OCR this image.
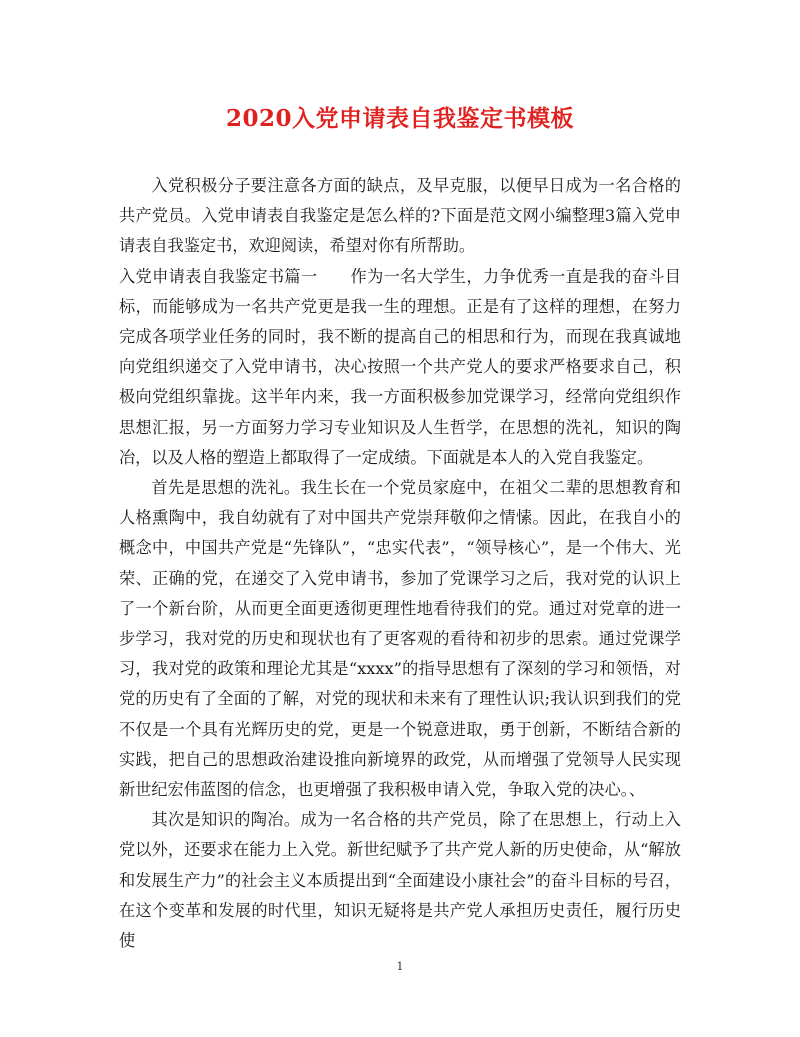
2020入党申请表自我鉴定书模板

入党积极分子要注意各方面的缺点，及早克服，以便早日成为一名合格的共产党员。入党申请表自我鉴定是怎么样的?下面是范文网小编整理3篇入党申请表自我鉴定书，欢迎阅读，希望对你有所帮助。

入党申请表自我鉴定书篇一　　作为一名大学生，力争优秀一直是我的奋斗目标，而能够成为一名共产党更是我一生的理想。正是有了这样的理想，在努力完成各项学业任务的同时，我不断的提高自己的相思和行为，而现在我真诚地向党组织递交了入党申请书，决心按照一个共产党人的要求严格要求自己，积极向党组织靠拢。这半年内来，我一方面积极参加党课学习，经常向党组织作思想汇报，另一方面努力学习专业知识及人生哲学，在思想的洗礼，知识的陶冶，以及人格的塑造上都取得了一定成绩。下面就是本人的入党自我鉴定。

首先是思想的洗礼。我生长在一个党员家庭中，在祖父二辈的思想教育和人格熏陶中，我自幼就有了对中国共产党崇拜敬仰之情愫。因此，在我自小的概念中，中国共产党是“先锋队”，“忠实代表”，“领导核心”，是一个伟大、光荣、正确的党，在递交了入党申请书，参加了党课学习之后，我对党的认识上了一个新台阶，从而更全面更透彻更理性地看待我们的党。通过对党章的进一步学习，我对党的历史和现状也有了更客观的看待和初步的思索。通过党课学习，我对党的政策和理论尤其是“xxxx”的指导思想有了深刻的学习和领悟，对党的历史有了全面的了解，对党的现状和未来有了理性认识;我认识到我们的党不仅是一个具有光辉历史的党，更是一个锐意进取，勇于创新，不断结合新的实践，把自己的思想政治建设推向新境界的政党，从而增强了党领导人民实现新世纪宏伟蓝图的信念，也更增强了我积极申请入党，争取入党的决心。、

其次是知识的陶冶。成为一名合格的共产党员，除了在思想上，行动上入党以外，还要求在能力上入党。新世纪赋予了共产党人新的历史使命，从“解放和发展生产力”的社会主义本质提出到“全面建设小康社会”的奋斗目标的号召，在这个变革和发展的时代里，知识无疑将是共产党人承担历史责任，履行历史使

1
